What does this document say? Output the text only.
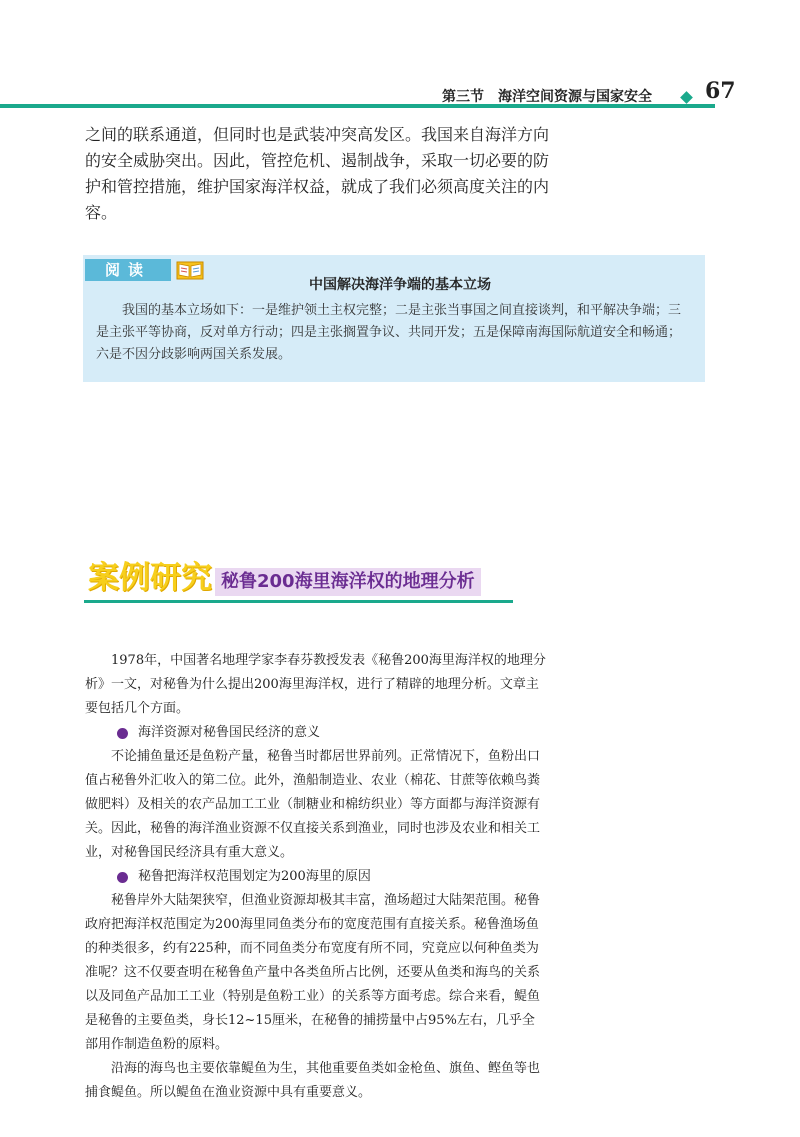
第三节 海洋空间资源与国家安全 67

之间的联系通道，但同时也是武装冲突高发区。我国来自海洋方向的安全威胁突出。因此，管控危机、遏制战争，采取一切必要的防护和管控措施，维护国家海洋权益，就成了我们必须高度关注的内容。

阅读
中国解决海洋争端的基本立场
我国的基本立场如下：一是维护领土主权完整；二是主张当事国之间直接谈判，和平解决争端；三是主张平等协商，反对单方行动；四是主张搁置争议、共同开发；五是保障南海国际航道安全和畅通；六是不因分歧影响两国关系发展。
案例研究 秘鲁200海里海洋权的地理分析

1978年，中国著名地理学家李春芬教授发表《秘鲁200海里海洋权的地理分析》一文，对秘鲁为什么提出200海里海洋权，进行了精辟的地理分析。文章主要包括几个方面。

海洋资源对秘鲁国民经济的意义

不论捕鱼量还是鱼粉产量，秘鲁当时都居世界前列。正常情况下，鱼粉出口值占秘鲁外汇收入的第二位。此外，渔船制造业、农业（棉花、甘蔗等依赖鸟粪做肥料）及相关的农产品加工工业（制糖业和棉纺织业）等方面都与海洋资源有关。因此，秘鲁的海洋渔业资源不仅直接关系到渔业，同时也涉及农业和相关工业，对秘鲁国民经济具有重大意义。

秘鲁把海洋权范围划定为200海里的原因

秘鲁岸外大陆架狭窄，但渔业资源却极其丰富，渔场超过大陆架范围。秘鲁政府把海洋权范围定为200海里同鱼类分布的宽度范围有直接关系。秘鲁渔场鱼的种类很多，约有225种，而不同鱼类分布宽度有所不同，究竟应以何种鱼类为准呢？这不仅要查明在秘鲁鱼产量中各类鱼所占比例，还要从鱼类和海鸟的关系以及同鱼产品加工工业（特别是鱼粉工业）的关系等方面考虑。综合来看，鳀鱼是秘鲁的主要鱼类，身长12~15厘米，在秘鲁的捕捞量中占95%左右，几乎全部用作制造鱼粉的原料。

沿海的海鸟也主要依靠鳀鱼为生，其他重要鱼类如金枪鱼、旗鱼、鲣鱼等也捕食鳀鱼。所以鳀鱼在渔业资源中具有重要意义。
